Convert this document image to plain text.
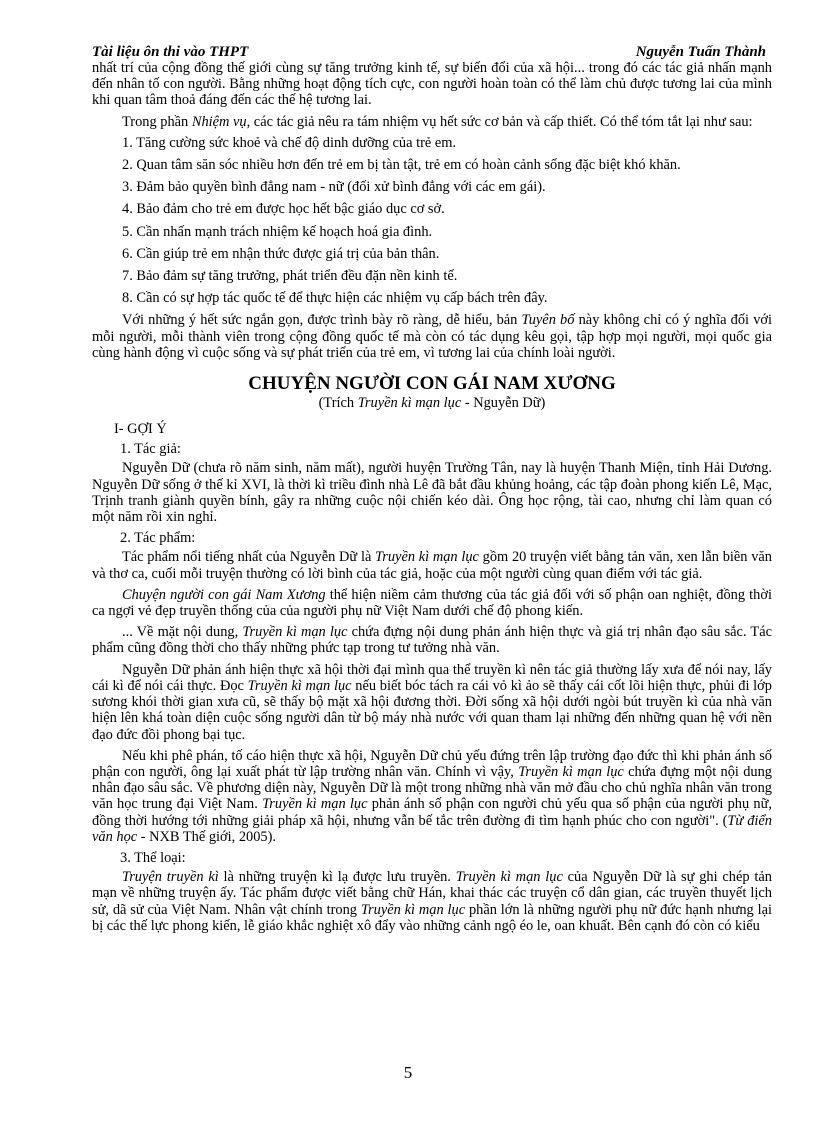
Tài liệu ôn thi vào THPT	Nguyễn Tuấn Thành

nhất trí của cộng đồng thế giới cùng sự tăng trưởng kinh tế, sự biến đổi của xã hội... trong đó các tác giả nhấn mạnh đến nhân tố con người. Bằng những hoạt động tích cực, con người hoàn toàn có thể làm chủ được tương lai của mình khi quan tâm thoả đáng đến các thế hệ tương lai.

Trong phần Nhiệm vụ, các tác giả nêu ra tám nhiệm vụ hết sức cơ bản và cấp thiết. Có thể tóm tắt lại như sau:

1. Tăng cường sức khoẻ và chế độ dinh dưỡng của trẻ em.

2. Quan tâm săn sóc nhiều hơn đến trẻ em bị tàn tật, trẻ em có hoàn cảnh sống đặc biệt khó khăn.

3. Đảm bảo quyền bình đẳng nam - nữ (đối xử bình đẳng với các em gái).

4. Bảo đảm cho trẻ em được học hết bậc giáo dục cơ sở.

5. Cần nhấn mạnh trách nhiệm kế hoạch hoá gia đình.

6. Cần giúp trẻ em nhận thức được giá trị của bản thân.

7. Bảo đảm sự tăng trưởng, phát triển đều đặn nền kinh tế.

8. Cần có sự hợp tác quốc tế để thực hiện các nhiệm vụ cấp bách trên đây.

Với những ý hết sức ngắn gọn, được trình bày rõ ràng, dễ hiểu, bản Tuyên bố này không chỉ có ý nghĩa đối với mỗi người, mỗi thành viên trong cộng đồng quốc tế mà còn có tác dụng kêu gọi, tập hợp mọi người, mọi quốc gia cùng hành động vì cuộc sống và sự phát triển của trẻ em, vì tương lai của chính loài người.

CHUYỆN NGƯỜI CON GÁI NAM XƯƠNG
(Trích Truyền kì mạn lục - Nguyễn Dữ)
I- GỢI Ý
1. Tác giả:

Nguyễn Dữ (chưa rõ năm sinh, năm mất), người huyện Trường Tân, nay là huyện Thanh Miện, tỉnh Hải Dương. Nguyễn Dữ sống ở thế kỉ XVI, là thời kì triều đình nhà Lê đã bắt đầu khủng hoảng, các tập đoàn phong kiến Lê, Mạc, Trịnh tranh giành quyền bính, gây ra những cuộc nội chiến kéo dài. Ông học rộng, tài cao, nhưng chỉ làm quan có một năm rồi xin nghỉ.

2. Tác phẩm:

Tác phẩm nổi tiếng nhất của Nguyễn Dữ là Truyền kì mạn lục gồm 20 truyện viết bằng tản văn, xen lẫn biền văn và thơ ca, cuối mỗi truyện thường có lời bình của tác giả, hoặc của một người cùng quan điểm với tác giả.

Chuyện người con gái Nam Xương thể hiện niềm cảm thương của tác giả đối với số phận oan nghiệt, đồng thời ca ngợi vẻ đẹp truyền thống của của người phụ nữ Việt Nam dưới chế độ phong kiến.

... Về mặt nội dung, Truyền kì mạn lục chứa đựng nội dung phản ánh hiện thực và giá trị nhân đạo sâu sắc. Tác phẩm cũng đồng thời cho thấy những phức tạp trong tư tưởng nhà văn.

Nguyễn Dữ phản ánh hiện thực xã hội thời đại mình qua thể truyền kì nên tác giả thường lấy xưa để nói nay, lấy cái kì để nói cái thực. Đọc Truyền kì mạn lục nếu biết bóc tách ra cái vỏ kì ảo sẽ thấy cái cốt lõi hiện thực, phủi đi lớp sương khói thời gian xưa cũ, sẽ thấy bộ mặt xã hội đương thời. Đời sống xã hội dưới ngòi bút truyền kì của nhà văn hiện lên khá toàn diện cuộc sống người dân từ bộ máy nhà nước với quan tham lại những đến những quan hệ với nền đạo đức đồi phong bại tục.

Nếu khi phê phán, tố cáo hiện thực xã hội, Nguyễn Dữ chủ yếu đứng trên lập trường đạo đức thì khi phản ánh số phận con người, ông lại xuất phát từ lập trường nhân văn. Chính vì vậy, Truyền kì mạn lục chứa đựng một nội dung nhân đạo sâu sắc. Về phương diện này, Nguyễn Dữ là một trong những nhà văn mở đầu cho chủ nghĩa nhân văn trong văn học trung đại Việt Nam. Truyền kì mạn lục phản ánh số phận con người chủ yếu qua số phận của người phụ nữ, đồng thời hướng tới những giải pháp xã hội, nhưng vẫn bế tắc trên đường đi tìm hạnh phúc cho con người". (Từ điển văn học - NXB Thế giới, 2005).

3. Thể loại:

Truyện truyền kì là những truyện kì lạ được lưu truyền. Truyền kì mạn lục của Nguyễn Dữ là sự ghi chép tản mạn về những truyện ấy. Tác phẩm được viết bằng chữ Hán, khai thác các truyện cổ dân gian, các truyền thuyết lịch sử, dã sử của Việt Nam. Nhân vật chính trong Truyền kì mạn lục phần lớn là những người phụ nữ đức hạnh nhưng lại bị các thế lực phong kiến, lễ giáo khắc nghiệt xô đẩy vào những cảnh ngộ éo le, oan khuất. Bên cạnh đó còn có kiểu

5
